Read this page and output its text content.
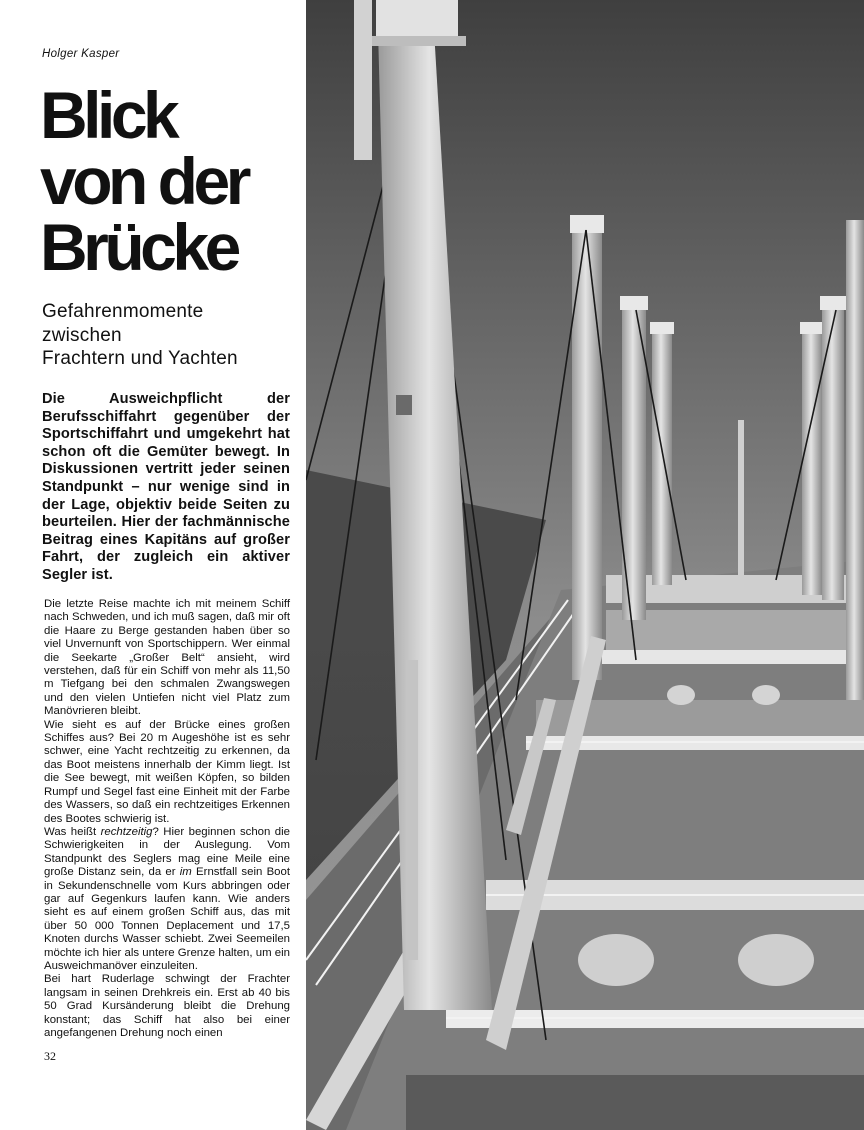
Holger Kasper
Blick
von der
Brücke
Gefahrenmomente
zwischen
Frachtern und Yachten
Die Ausweichpflicht der Berufsschiffahrt gegenüber der Sportschiffahrt und umgekehrt hat schon oft die Gemüter bewegt. In Diskussionen vertritt jeder seinen Standpunkt – nur wenige sind in der Lage, objektiv beide Seiten zu beurteilen. Hier der fachmännische Beitrag eines Kapitäns auf großer Fahrt, der zugleich ein aktiver Segler ist.

Die letzte Reise machte ich mit meinem Schiff nach Schweden, und ich muß sagen, daß mir oft die Haare zu Berge gestanden haben über so viel Unvernunft von Sportschippern. Wer einmal die Seekarte „Großer Belt“ ansieht, wird verstehen, daß für ein Schiff von mehr als 11,50 m Tiefgang bei den schmalen Zwangswegen und den vielen Untiefen nicht viel Platz zum Manövrieren bleibt.

Wie sieht es auf der Brücke eines großen Schiffes aus? Bei 20 m Augeshöhe ist es sehr schwer, eine Yacht rechtzeitig zu erkennen, da das Boot meistens innerhalb der Kimm liegt. Ist die See bewegt, mit weißen Köpfen, so bilden Rumpf und Segel fast eine Einheit mit der Farbe des Wassers, so daß ein rechtzeitiges Erkennen des Bootes schwierig ist.

Was heißt rechtzeitig? Hier beginnen schon die Schwierigkeiten in der Auslegung. Vom Standpunkt des Seglers mag eine Meile eine große Distanz sein, da er im Ernstfall sein Boot in Sekundenschnelle vom Kurs abbringen oder gar auf Gegenkurs laufen kann. Wie anders sieht es auf einem großen Schiff aus, das mit über 50 000 Tonnen Deplacement und 17,5 Knoten durchs Wasser schiebt. Zwei Seemeilen möchte ich hier als untere Grenze halten, um ein Ausweichmanöver einzuleiten.

Bei hart Ruderlage schwingt der Frachter langsam in seinen Drehkreis ein. Erst ab 40 bis 50 Grad Kursänderung bleibt die Drehung konstant; das Schiff hat also bei einer angefangenen Drehung noch einen

32
